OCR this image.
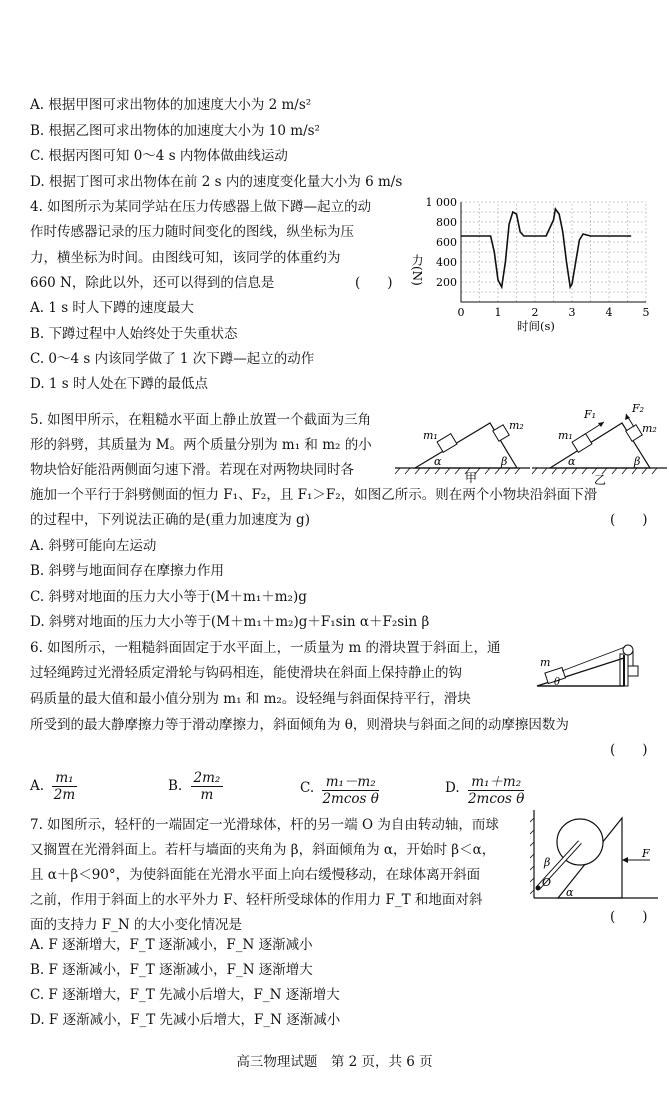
A. 根据甲图可求出物体的加速度大小为 2 m/s²
B. 根据乙图可求出物体的加速度大小为 10 m/s²
C. 根据丙图可知 0～4 s 内物体做曲线运动
D. 根据丁图可求出物体在前 2 s 内的速度变化量大小为 6 m/s
4. 如图所示为某同学站在压力传感器上做下蹲—起立的动
作时传感器记录的压力随时间变化的图线，纵坐标为压
力，横坐标为时间。由图线可知，该同学的体重约为
660 N，除此以外，还可以得到的信息是	(　　)
A. 1 s 时人下蹲的速度最大
B. 下蹲过程中人始终处于失重状态
C. 0～4 s 内该同学做了 1 次下蹲—起立的动作
D. 1 s 时人处在下蹲的最低点
1 000
800
600
400
200
0	1	2	3	4	5
力(N)
时间(s)
5. 如图甲所示，在粗糙水平面上静止放置一个截面为三角
形的斜劈，其质量为 M。两个质量分别为 m₁ 和 m₂ 的小
物块恰好能沿两侧面匀速下滑。若现在对两物块同时各
施加一个平行于斜劈侧面的恒力 F₁、F₂，且 F₁＞F₂，如图乙所示。则在两个小物块沿斜面下滑
的过程中，下列说法正确的是(重力加速度为 g)	(　　)
A. 斜劈可能向左运动
B. 斜劈与地面间存在摩擦力作用
C. 斜劈对地面的压力大小等于(M＋m₁＋m₂)g
D. 斜劈对地面的压力大小等于(M＋m₁＋m₂)g＋F₁sin α＋F₂sin β
m₁
m₂
α	β
甲
F₁	F₂
m₁
m₂
α	β
乙
6. 如图所示，一粗糙斜面固定于水平面上，一质量为 m 的滑块置于斜面上，通
过轻绳跨过光滑轻质定滑轮与钩码相连，能使滑块在斜面上保持静止的钩
码质量的最大值和最小值分别为 m₁ 和 m₂。设轻绳与斜面保持平行，滑块
所受到的最大静摩擦力等于滑动摩擦力，斜面倾角为 θ，则滑块与斜面之间的动摩擦因数为
(　　)
m
θ
A. $\frac{\text{m₁}}{2m}$	B. $\frac{\text{2m₂}}{m}$	C. $\frac{\text{m₁－m₂}}{\text{2mcos θ}}$	D. $\frac{\text{m₁＋m₂}}{\text{2mcos θ}}$
7. 如图所示，轻杆的一端固定一光滑球体，杆的另一端 O 为自由转动轴，而球
又搁置在光滑斜面上。若杆与墙面的夹角为 β，斜面倾角为 α，开始时 β＜α，
且 α＋β＜90°，为使斜面能在光滑水平面上向右缓慢移动，在球体离开斜面
之前，作用于斜面上的水平外力 F、轻杆所受球体的作用力 F_T 和地面对斜
面的支持力 F_N 的大小变化情况是	(　　)
A. F 逐渐增大，F_T 逐渐减小，F_N 逐渐减小
B. F 逐渐减小，F_T 逐渐减小，F_N 逐渐增大
C. F 逐渐增大，F_T 先减小后增大，F_N 逐渐增大
D. F 逐渐减小，F_T 先减小后增大，F_N 逐渐减小
β
O
α
F
高三物理试题　第 2 页，共 6 页
